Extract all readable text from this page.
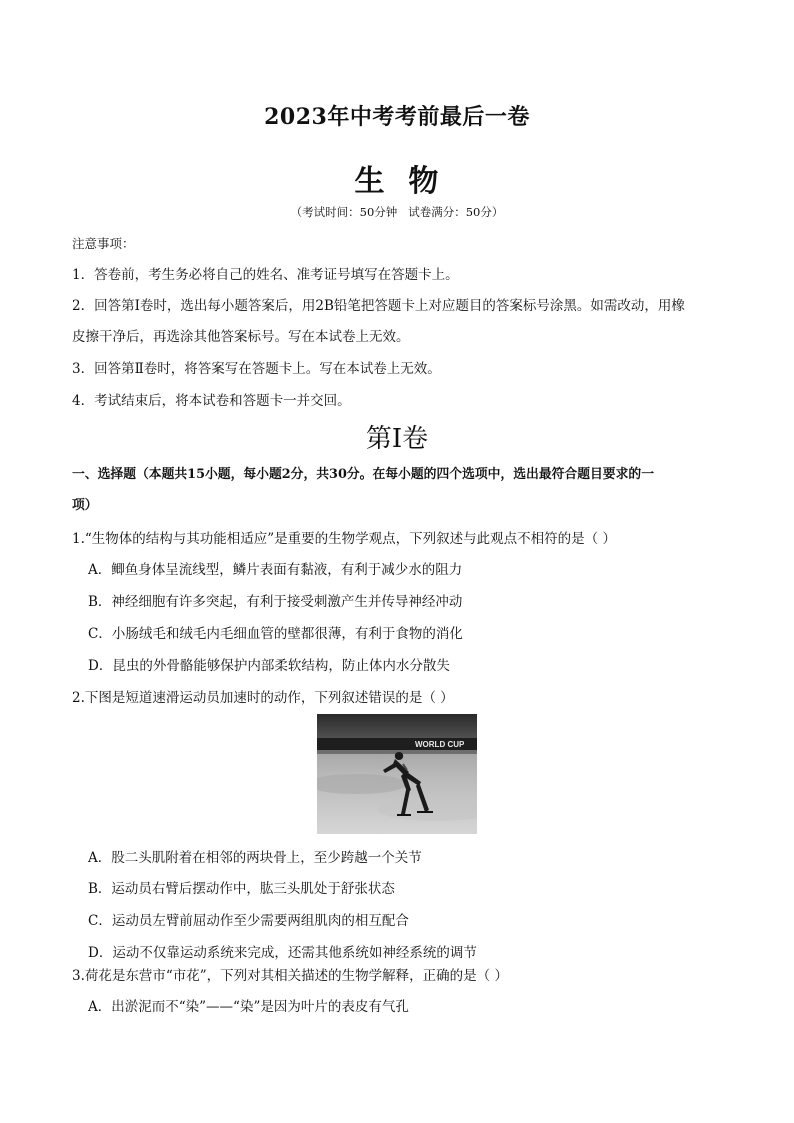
2023年中考考前最后一卷
生  物
（考试时间：50分钟   试卷满分：50分）
注意事项：
1．答卷前，考生务必将自己的姓名、准考证号填写在答题卡上。
2．回答第Ⅰ卷时，选出每小题答案后，用2B铅笔把答题卡上对应题目的答案标号涂黑。如需改动，用橡
皮擦干净后，再选涂其他答案标号。写在本试卷上无效。
3．回答第Ⅱ卷时，将答案写在答题卡上。写在本试卷上无效。
4．考试结束后，将本试卷和答题卡一并交回。
第Ⅰ卷
一、选择题（本题共15小题，每小题2分，共30分。在每小题的四个选项中，选出最符合题目要求的一
项）
1.“生物体的结构与其功能相适应”是重要的生物学观点，下列叙述与此观点不相符的是（ ）
A．鲫鱼身体呈流线型，鳞片表面有黏液，有利于减少水的阻力
B．神经细胞有许多突起，有利于接受刺激产生并传导神经冲动
C．小肠绒毛和绒毛内毛细血管的壁都很薄，有利于食物的消化
D．昆虫的外骨骼能够保护内部柔软结构，防止体内水分散失
2.下图是短道速滑运动员加速时的动作，下列叙述错误的是（ ）
WORLD CUP
A．股二头肌附着在相邻的两块骨上，至少跨越一个关节
B．运动员右臂后摆动作中，肱三头肌处于舒张状态
C．运动员左臂前屈动作至少需要两组肌肉的相互配合
D．运动不仅靠运动系统来完成，还需其他系统如神经系统的调节
3.荷花是东营市“市花”，下列对其相关描述的生物学解释，正确的是（ ）
A．出淤泥而不“染”——“染”是因为叶片的表皮有气孔
